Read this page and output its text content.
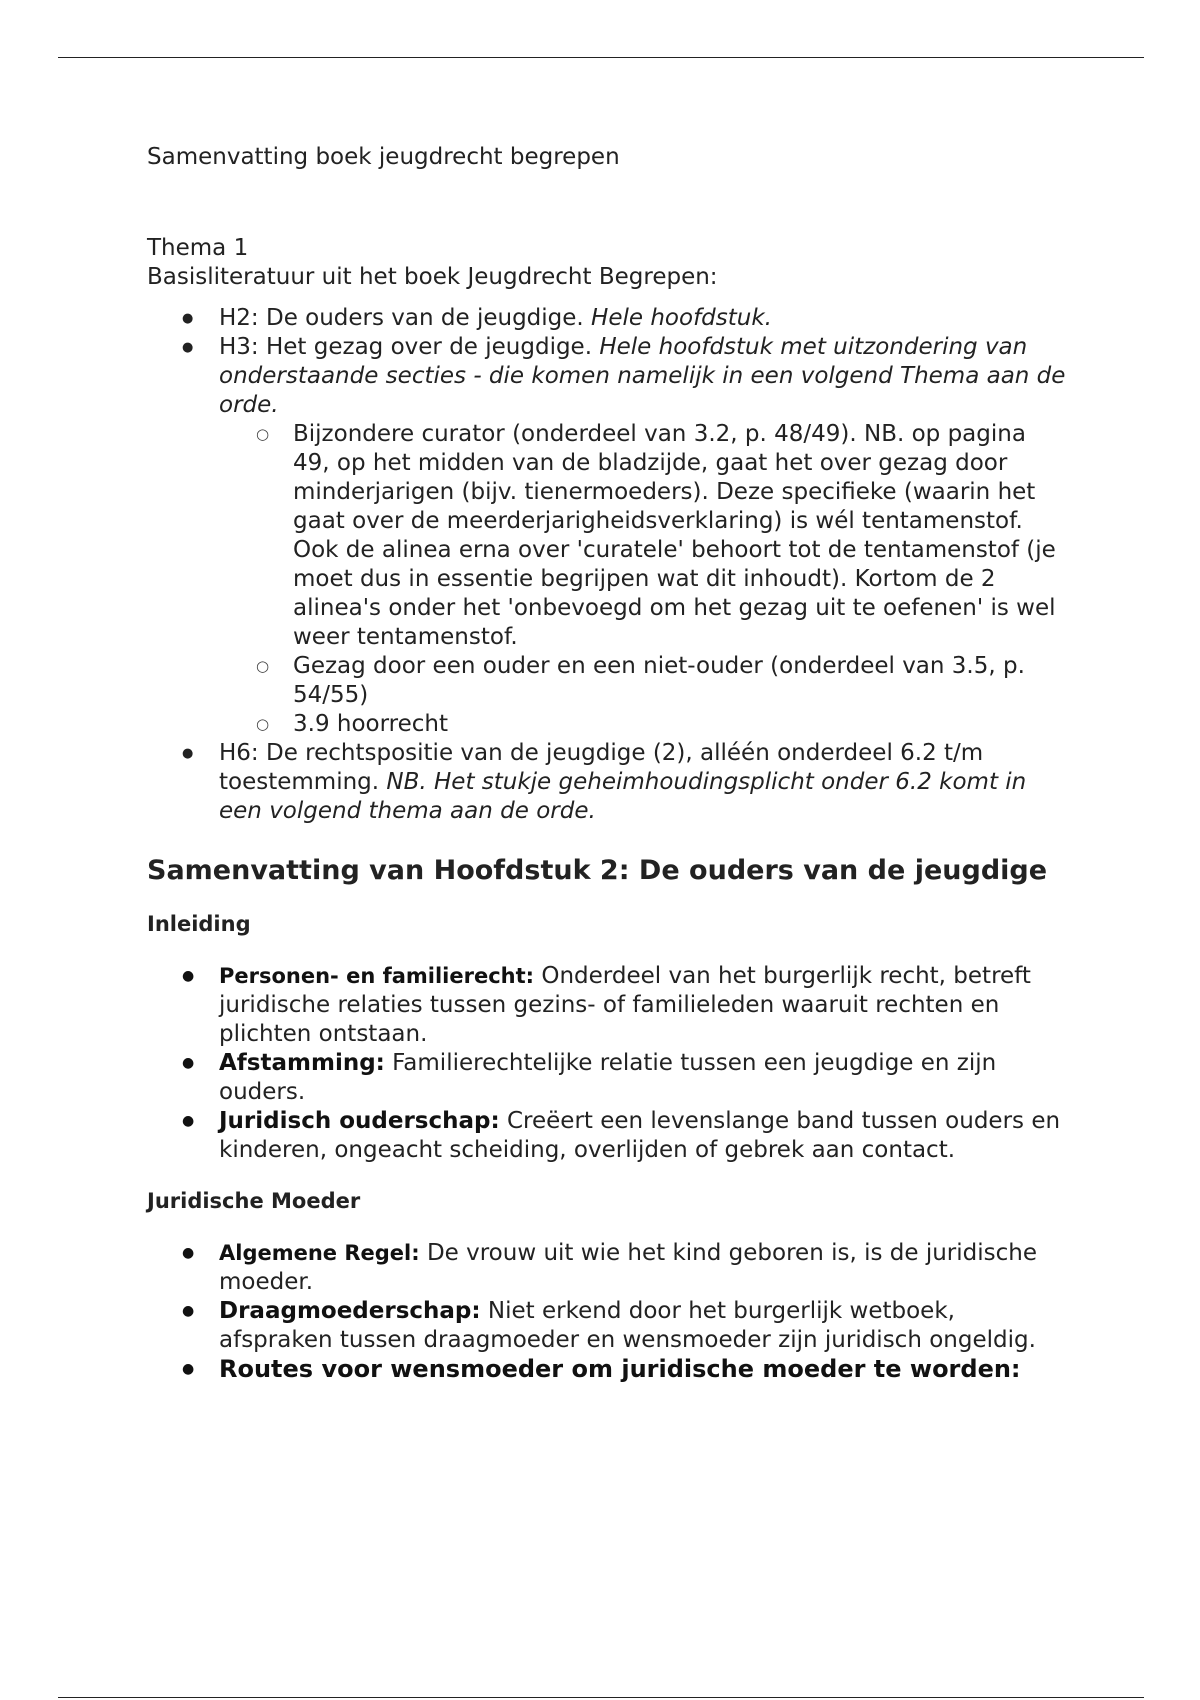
Samenvatting boek jeugdrecht begrepen

Thema 1

Basisliteratuur uit het boek Jeugdrecht Begrepen:

● H2: De ouders van de jeugdige. Hele hoofdstuk.
● H3: Het gezag over de jeugdige. Hele hoofdstuk met uitzondering van onderstaande secties - die komen namelijk in een volgend Thema aan de orde.
○ Bijzondere curator (onderdeel van 3.2, p. 48/49). NB. op pagina 49, op het midden van de bladzijde, gaat het over gezag door minderjarigen (bijv. tienermoeders). Deze specifieke (waarin het gaat over de meerderjarigheidsverklaring) is wél tentamenstof. Ook de alinea erna over 'curatele' behoort tot de tentamenstof (je moet dus in essentie begrijpen wat dit inhoudt). Kortom de 2 alinea's onder het 'onbevoegd om het gezag uit te oefenen' is wel weer tentamenstof.
○ Gezag door een ouder en een niet-ouder (onderdeel van 3.5, p. 54/55)
○ 3.9 hoorrecht
● H6: De rechtspositie van de jeugdige (2), alléén onderdeel 6.2 t/m toestemming. NB. Het stukje geheimhoudingsplicht onder 6.2 komt in een volgend thema aan de orde.
Samenvatting van Hoofdstuk 2: De ouders van de jeugdige
Inleiding
● Personen- en familierecht: Onderdeel van het burgerlijk recht, betreft juridische relaties tussen gezins- of familieleden waaruit rechten en plichten ontstaan.
● Afstamming: Familierechtelijke relatie tussen een jeugdige en zijn ouders.
● Juridisch ouderschap: Creëert een levenslange band tussen ouders en kinderen, ongeacht scheiding, overlijden of gebrek aan contact.
Juridische Moeder
● Algemene Regel: De vrouw uit wie het kind geboren is, is de juridische moeder.
● Draagmoederschap: Niet erkend door het burgerlijk wetboek, afspraken tussen draagmoeder en wensmoeder zijn juridisch ongeldig.
● Routes voor wensmoeder om juridische moeder te worden:
